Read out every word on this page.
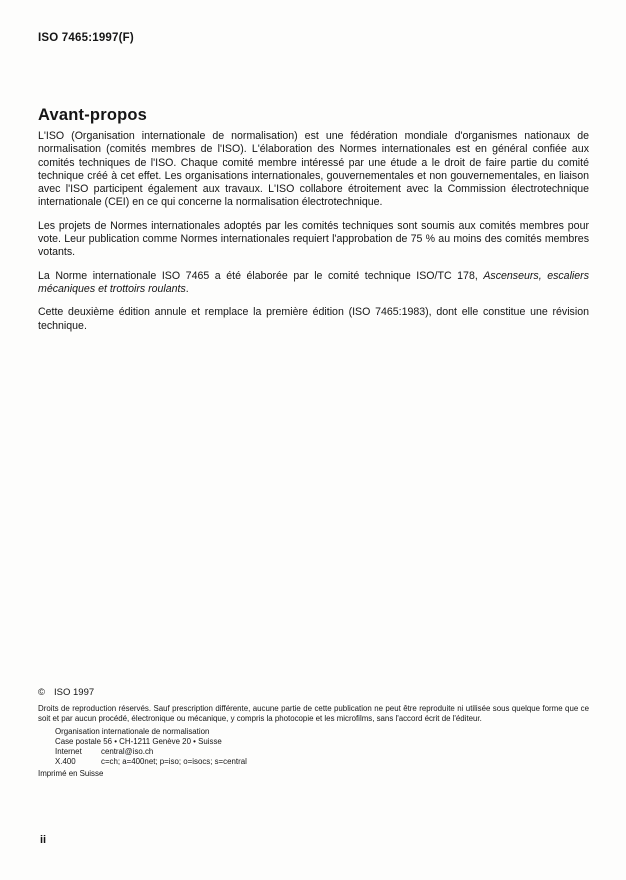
ISO 7465:1997(F)
Avant-propos

L'ISO (Organisation internationale de normalisation) est une fédération mondiale d'organismes nationaux de normalisation (comités membres de l'ISO). L'élaboration des Normes internationales est en général confiée aux comités techniques de l'ISO. Chaque comité membre intéressé par une étude a le droit de faire partie du comité technique créé à cet effet. Les organisations internationales, gouvernementales et non gouvernementales, en liaison avec l'ISO participent également aux travaux. L'ISO collabore étroitement avec la Commission électrotechnique internationale (CEI) en ce qui concerne la normalisation électrotechnique.

Les projets de Normes internationales adoptés par les comités techniques sont soumis aux comités membres pour vote. Leur publication comme Normes internationales requiert l'approbation de 75 % au moins des comités membres votants.

La Norme internationale ISO 7465 a été élaborée par le comité technique ISO/TC 178, Ascenseurs, escaliers mécaniques et trottoirs roulants.

Cette deuxième édition annule et remplace la première édition (ISO 7465:1983), dont elle constitue une révision technique.

© ISO 1997
Droits de reproduction réservés. Sauf prescription différente, aucune partie de cette publication ne peut être reproduite ni utilisée sous quelque forme que ce soit et par aucun procédé, électronique ou mécanique, y compris la photocopie et les microfilms, sans l'accord écrit de l'éditeur.
Organisation internationale de normalisation
Case postale 56 • CH-1211 Genève 20 • Suisse
Internet central@iso.ch
X.400	c=ch; a=400net; p=iso; o=isocs; s=central
Imprimé en Suisse
ii
